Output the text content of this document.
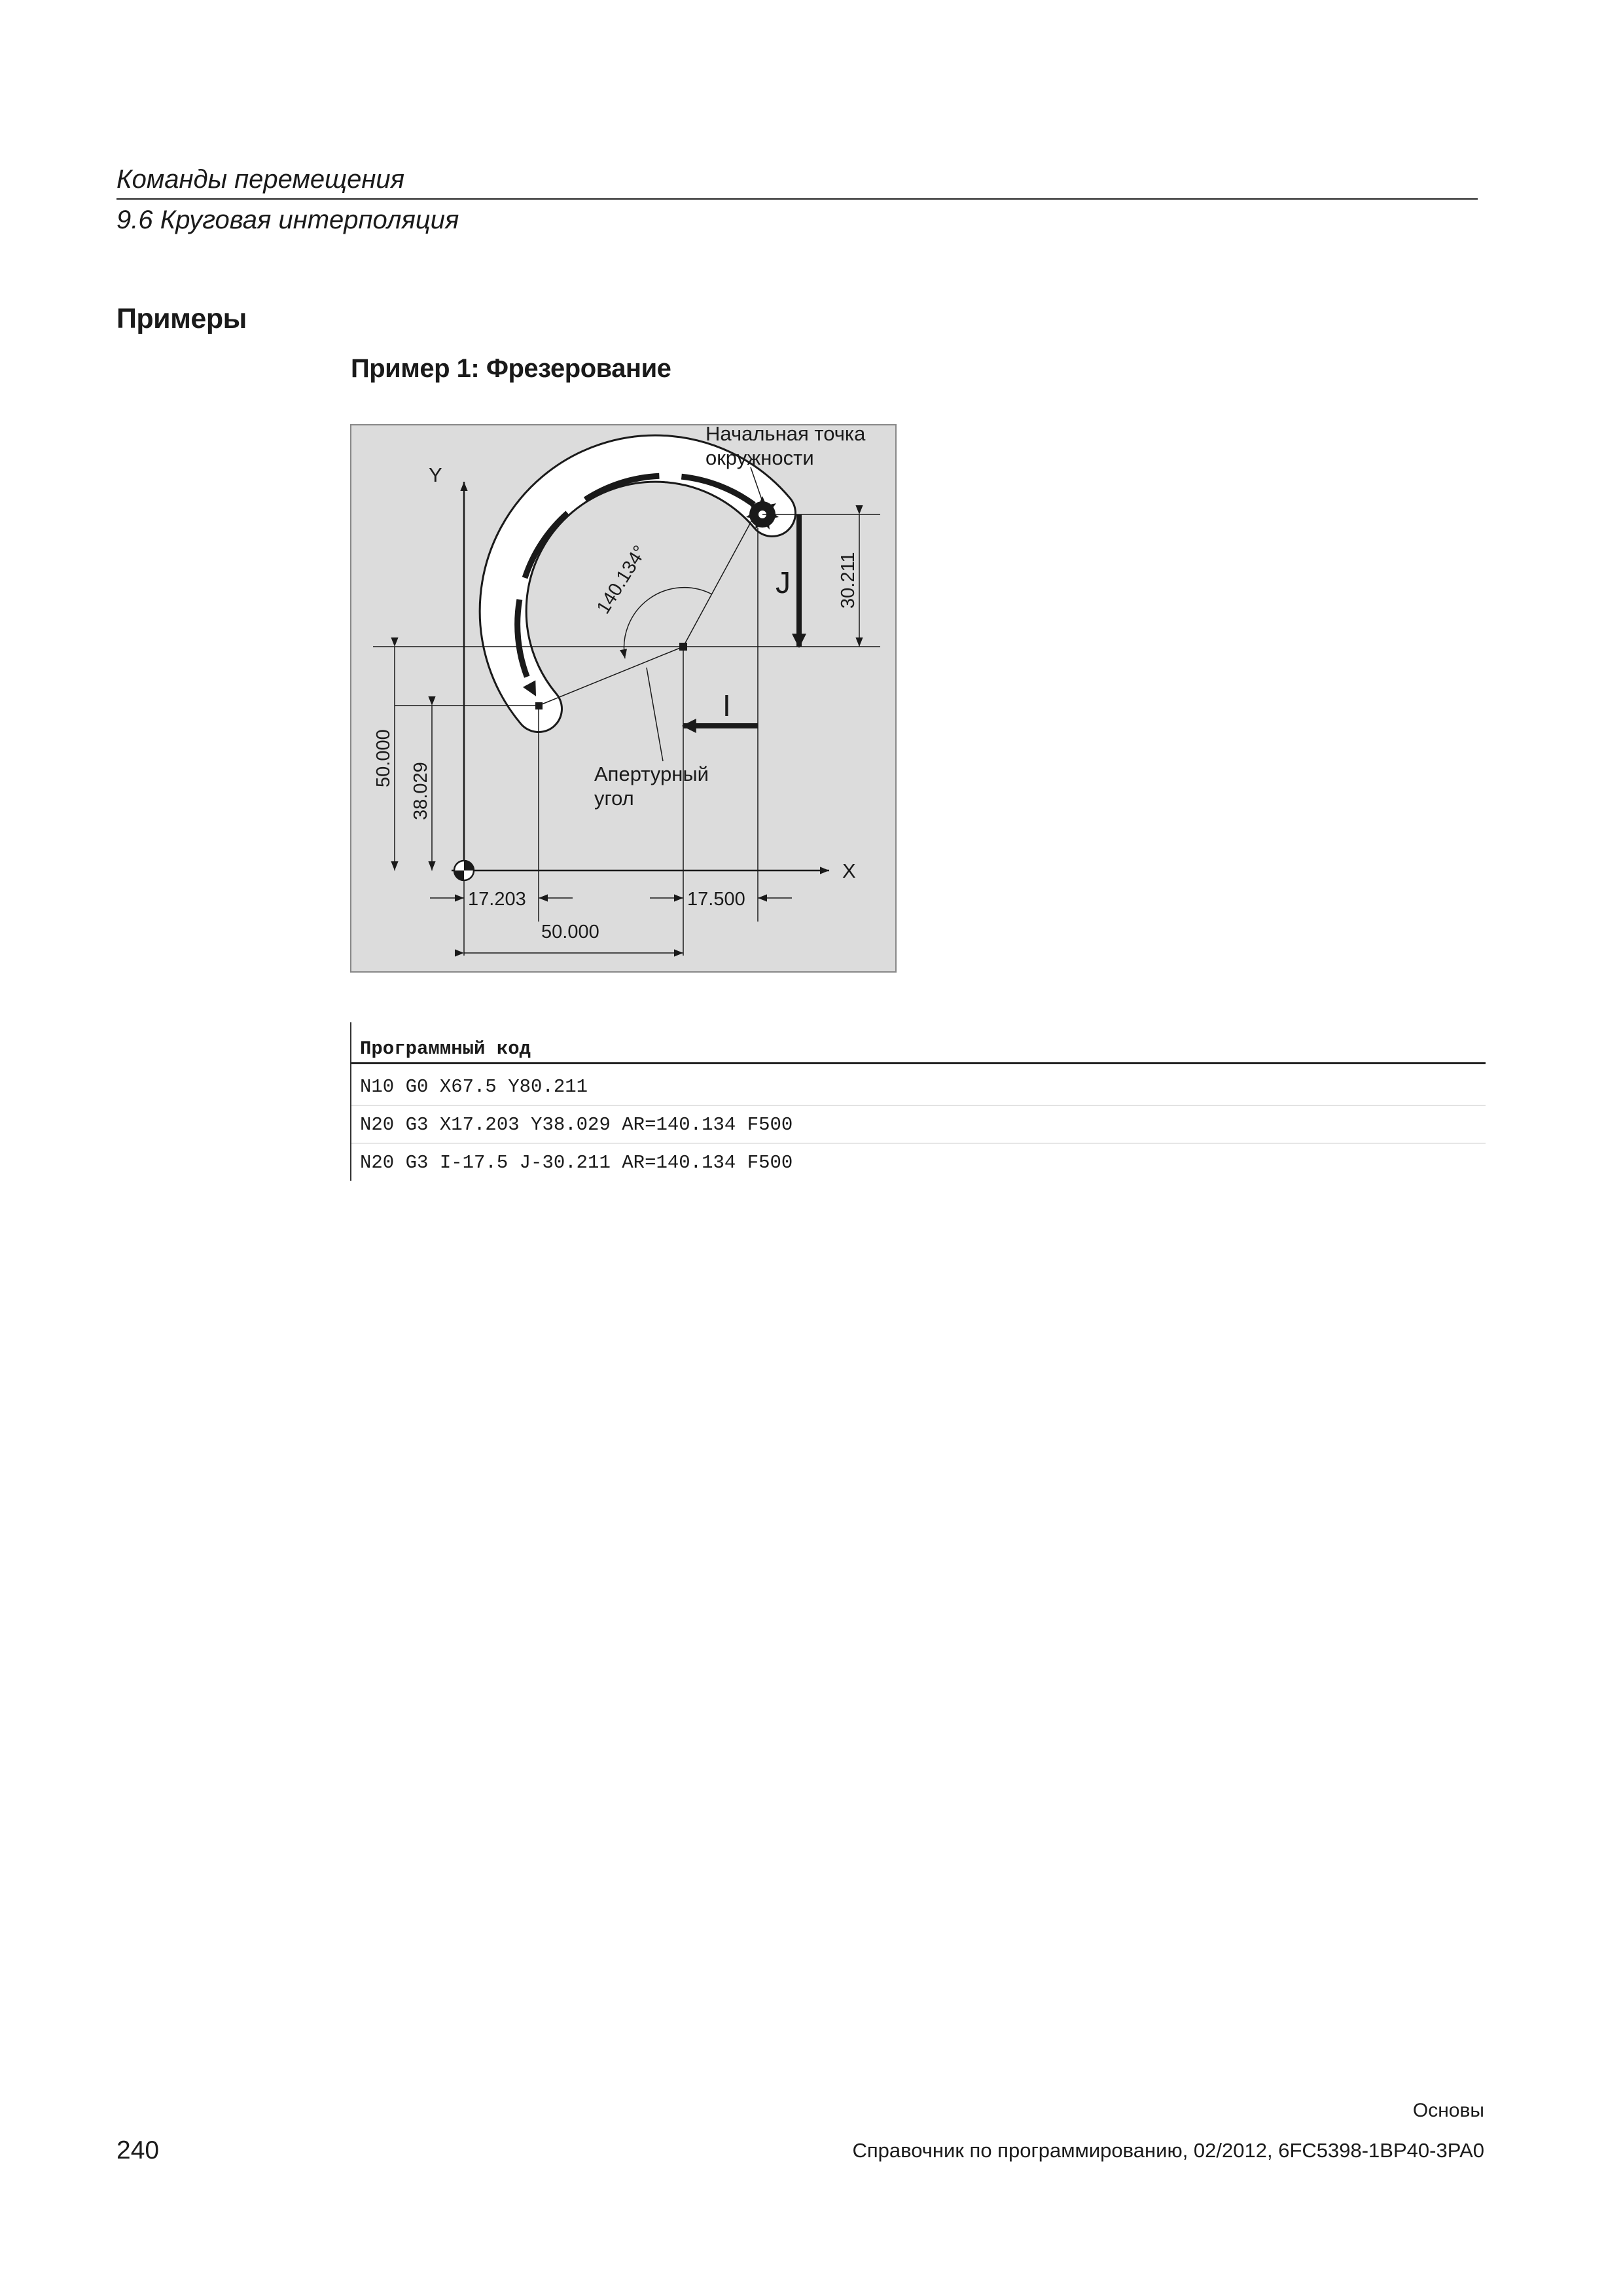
Команды перемещения
9.6 Круговая интерполяция
Примеры
Пример 1: Фрезерование
Y
X
140.134°
Апертурный
угол
Начальная точка
окружности
J
I
30.211
50.000
38.029
17.203	17.500
50.000
Программный код
N10 G0 X67.5 Y80.211
N20 G3 X17.203 Y38.029 AR=140.134 F500
N20 G3 I-17.5 J-30.211 AR=140.134 F500
Основы
240	Справочник по программированию, 02/2012, 6FC5398-1BP40-3PA0
